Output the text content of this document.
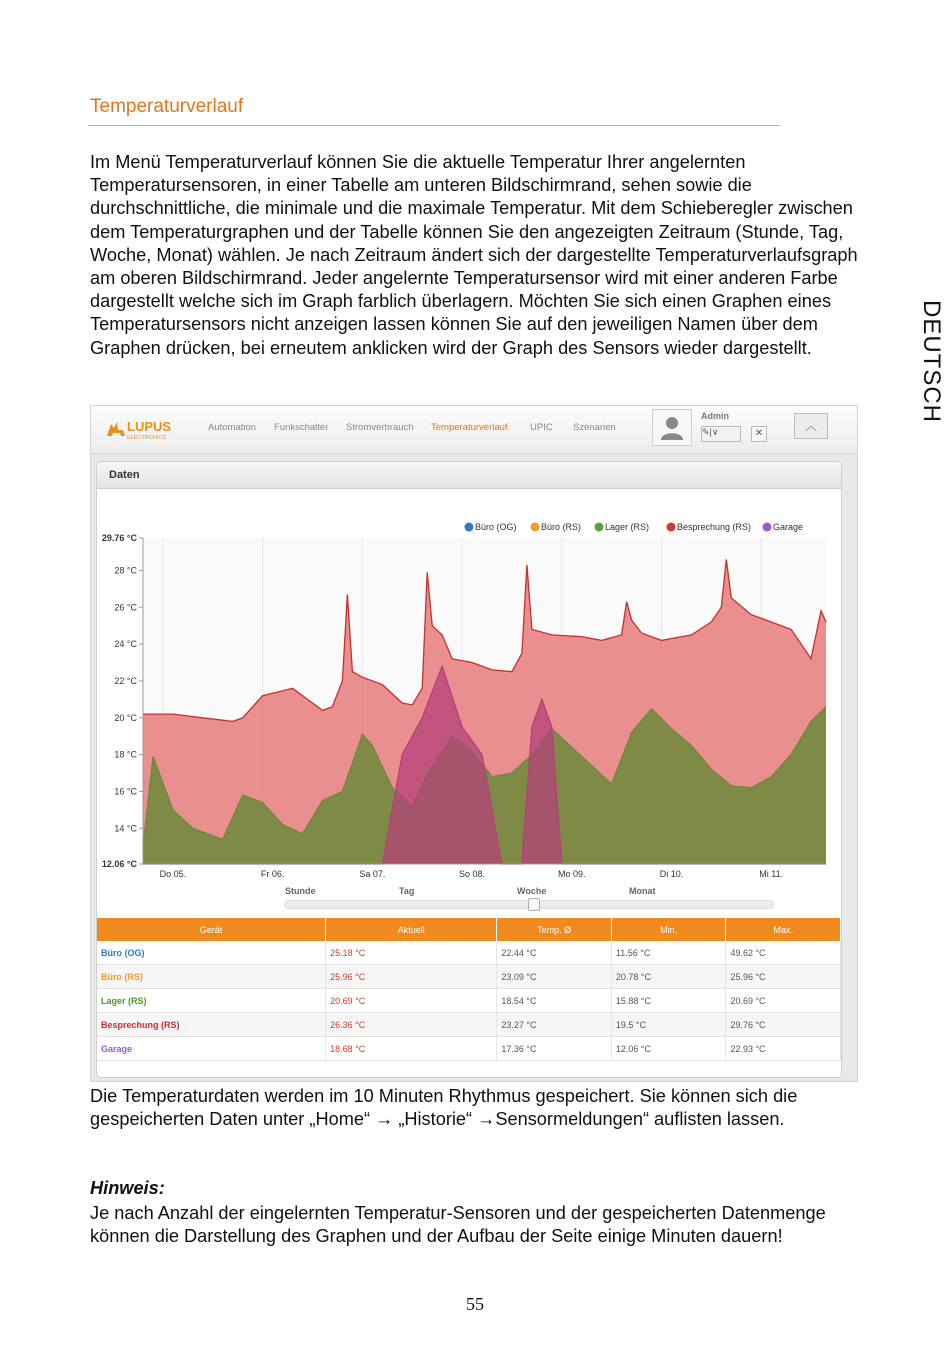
Temperaturverlauf
Im Menü Temperaturverlauf können Sie die aktuelle Temperatur Ihrer angelernten Temperatursensoren, in einer Tabelle am unteren Bildschirmrand, sehen sowie die durchschnittliche, die minimale und die maximale Temperatur. Mit dem Schieberegler zwischen dem Temperaturgraphen und der Tabelle können Sie den angezeigten Zeitraum (Stunde, Tag, Woche, Monat) wählen. Je nach Zeitraum ändert sich der dargestellte Temperaturverlaufsgraph am oberen Bildschirmrand. Jeder angelernte Temperatursensor wird mit einer anderen Farbe dargestellt welche sich im Graph farblich überlagern. Möchten Sie sich einen Graphen eines Temperatursensors nicht anzeigen lassen können Sie auf den jeweiligen Namen über dem Graphen drücken, bei erneutem anklicken wird der Graph des Sensors wieder dargestellt.	DEUTSCH
LUPUS
ELECTRONICS
Automation Funkschalter Stromverbrauch Temperaturverlauf UPIC Szenarien
Admin
✎|∨	✕
︿
Daten
29.76 °C
28 °C
26 °C
24 °C
22 °C
20 °C
18 °C
16 °C
14 °C
12.06 °C
Do 05.	Fr 06.	Sa 07.	So 08.	Mo 09.	Di 10.	Mi 11.
Büro (OG)	Büro (RS)	Lager (RS)	Besprechung (RS) Garage
Stunde	Tag	Woche	Monat
Gerät	Aktuell	Temp. Ø	Min.	Max.
Büro (OG)	25.18 °C	22.44 °C	11.56 °C	49.62 °C
Büro (RS)	25.96 °C	23.09 °C	20.78 °C	25.96 °C
Lager (RS)	20.69 °C	18.54 °C	15.88 °C	20.69 °C
Besprechung (RS)	26.36 °C	23.27 °C	19.5 °C	29.76 °C
Garage	18.68 °C	17.36 °C	12.06 °C	22.93 °C
Die Temperaturdaten werden im 10 Minuten Rhythmus gespeichert. Sie können sich die gespeicherten Daten unter „Home“ → „Historie“ →Sensormeldungen“ auflisten lassen.
Hinweis:
Je nach Anzahl der eingelernten Temperatur-Sensoren und der gespeicherten Datenmenge können die Darstellung des Graphen und der Aufbau der Seite einige Minuten dauern!
55
